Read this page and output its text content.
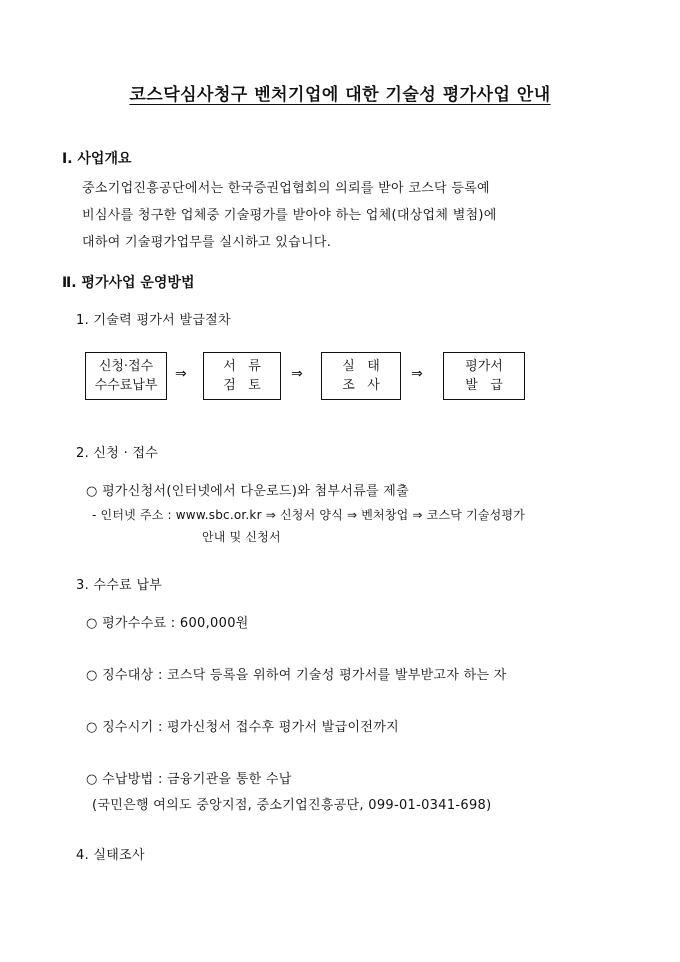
코스닥심사청구 벤처기업에 대한 기술성 평가사업 안내
Ⅰ. 사업개요
중소기업진흥공단에서는 한국증권업협회의 의뢰를 받아 코스닥 등록예
비심사를 청구한 업체중 기술평가를 받아야 하는 업체(대상업체 별첨)에
대하여 기술평가업무를 실시하고 있습니다.
Ⅱ. 평가사업 운영방법
1. 기술력 평가서 발급절차
신청·접수
수수료납부
⇒	서   류
검   토
⇒	실   태
조   사
⇒	평가서
발   급
2. 신청 · 접수
○ 평가신청서(인터넷에서 다운로드)와 첨부서류를 제출
- 인터넷 주소 : www.sbc.or.kr ⇒ 신청서 양식 ⇒ 벤처창업 ⇒ 코스닥 기술성평가
안내 및 신청서
3. 수수료 납부
○ 평가수수료 : 600,000원
○ 징수대상 : 코스닥 등록을 위하여 기술성 평가서를 발부받고자 하는 자
○ 징수시기 : 평가신청서 접수후 평가서 발급이전까지
○ 수납방법 : 금융기관을 통한 수납
(국민은행 여의도 중앙지점, 중소기업진흥공단, 099-01-0341-698)
4. 실태조사
